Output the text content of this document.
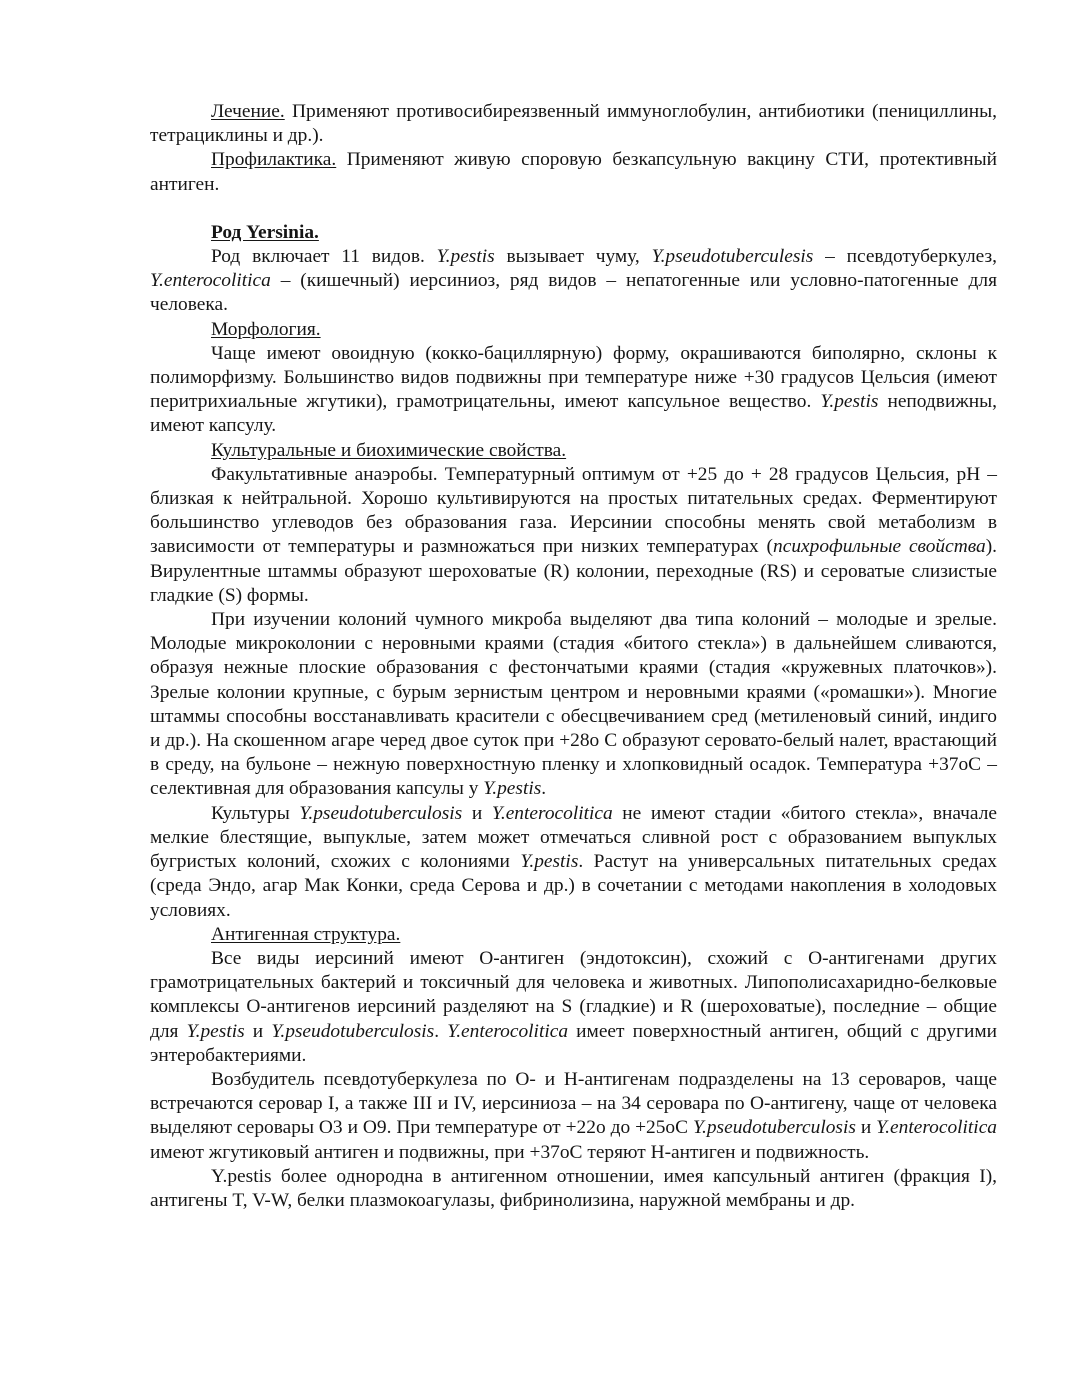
Лечение. Применяют противосибиреязвенный иммуноглобулин, антибиотики (пенициллины, тетрациклины и др.).

Профилактика. Применяют живую споровую безкапсульную вакцину СТИ, протективный антиген.

Род Yersinia.

Род включает 11 видов. Y.pestis вызывает чуму, Y.pseudotuberculesis – псевдотуберкулез, Y.enterocolitica – (кишечный) иерсиниоз, ряд видов – непатогенные или условно-патогенные для человека.

Морфология.

Чаще имеют овоидную (кокко-бациллярную) форму, окрашиваются биполярно, склоны к полиморфизму. Большинство видов подвижны при температуре ниже +30 градусов Цельсия (имеют перитрихиальные жгутики), грамотрицательны, имеют капсульное вещество. Y.pestis неподвижны, имеют капсулу.

Культуральные и биохимические свойства.

Факультативные анаэробы. Температурный оптимум от +25 до + 28 градусов Цельсия, pH – близкая к нейтральной. Хорошо культивируются на простых питательных средах. Ферментируют большинство углеводов без образования газа. Иерсинии способны менять свой метаболизм в зависимости от температуры и размножаться при низких температурах (психрофильные свойства). Вирулентные штаммы образуют шероховатые (R) колонии, переходные (RS) и сероватые слизистые гладкие (S) формы.

При изучении колоний чумного микроба выделяют два типа колоний – молодые и зрелые. Молодые микроколонии с неровными краями (стадия «битого стекла») в дальнейшем сливаются, образуя нежные плоские образования с фестончатыми краями (стадия «кружевных платочков»). Зрелые колонии крупные, с бурым зернистым центром и неровными краями («ромашки»). Многие штаммы способны восстанавливать красители с обесцвечиванием сред (метиленовый синий, индиго и др.). На скошенном агаре черед двое суток при +28о С образуют серовато-белый налет, врастающий в среду, на бульоне – нежную поверхностную пленку и хлопковидный осадок. Температура +37оС – селективная для образования капсулы у Y.pestis.

Культуры Y.pseudotuberculosis и Y.enterocolitica не имеют стадии «битого стекла», вначале мелкие блестящие, выпуклые, затем может отмечаться сливной рост с образованием выпуклых бугристых колоний, схожих с колониями Y.pestis. Растут на универсальных питательных средах (среда Эндо, агар Мак Конки, среда Серова и др.) в сочетании с методами накопления в холодовых условиях.

Антигенная структура.

Все виды иерсиний имеют О-антиген (эндотоксин), схожий с О-антигенами других грамотрицательных бактерий и токсичный для человека и животных. Липополисахаридно-белковые комплексы О-антигенов иерсиний разделяют на S (гладкие) и R (шероховатые), последние – общие для Y.pestis и Y.pseudotuberculosis. Y.enterocolitica имеет поверхностный антиген, общий с другими энтеробактериями.

Возбудитель псевдотуберкулеза по О- и Н-антигенам подразделены на 13 сероваров, чаще встречаются серовар I, а также III и IV, иерсиниоза – на 34 серовара по О-антигену, чаще от человека выделяют серовары О3 и О9. При температуре от +22о до +25оС Y.pseudotuberculosis и Y.enterocolitica имеют жгутиковый антиген и подвижны, при +37оС теряют Н-антиген и подвижность.

Y.pestis более однородна в антигенном отношении, имея капсульный антиген (фракция I), антигены T, V-W, белки плазмокоагулазы, фибринолизина, наружной мембраны и др.
